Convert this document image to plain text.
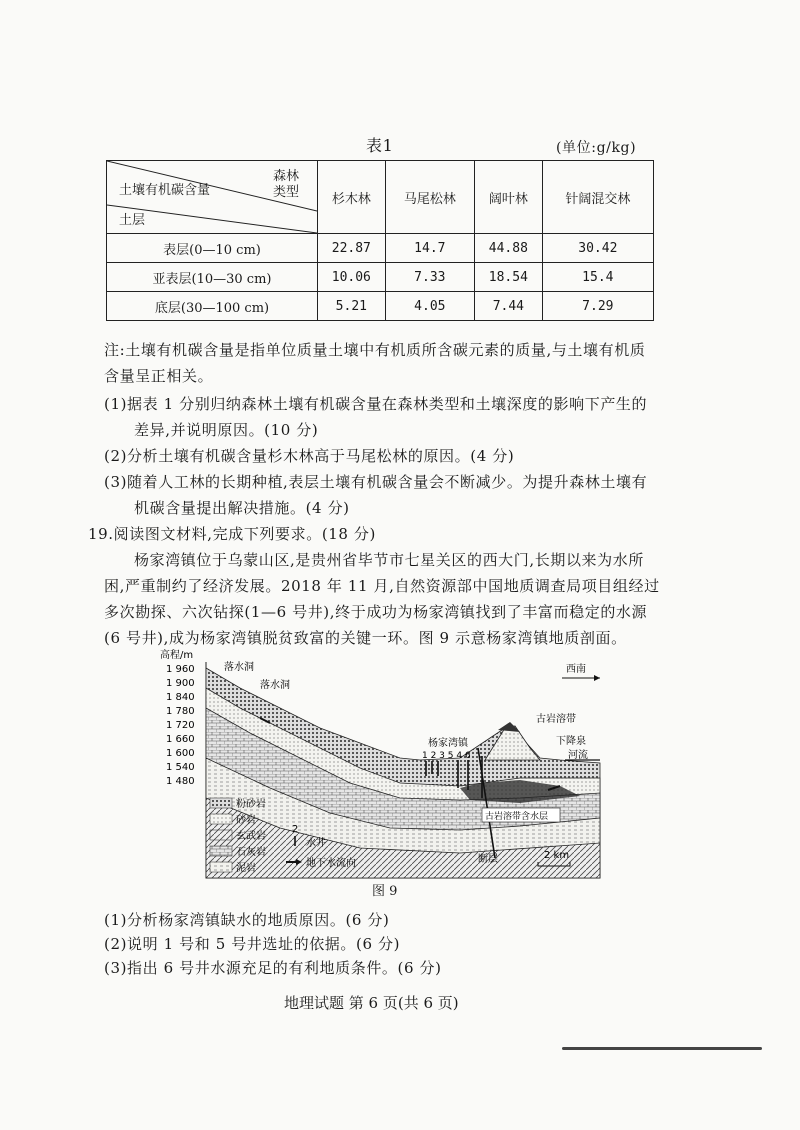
表1	(单位:g/kg)
森林
类型
土壤有机碳含量
土层	杉木林	马尾松林	阔叶林	针阔混交林
表层(0—10 cm)	22.87	14.7	44.88	30.42
亚表层(10—30 cm)	10.06	7.33	18.54	15.4
底层(30—100 cm)	5.21	4.05	7.44	7.29
注:土壤有机碳含量是指单位质量土壤中有机质所含碳元素的质量,与土壤有机质
含量呈正相关。
(1)据表 1 分别归纳森林土壤有机碳含量在森林类型和土壤深度的影响下产生的
差异,并说明原因。(10 分)
(2)分析土壤有机碳含量杉木林高于马尾松林的原因。(4 分)
(3)随着人工林的长期种植,表层土壤有机碳含量会不断减少。为提升森林土壤有
机碳含量提出解决措施。(4 分)
19.阅读图文材料,完成下列要求。(18 分)
杨家湾镇位于乌蒙山区,是贵州省毕节市七星关区的西大门,长期以来为水所
困,严重制约了经济发展。2018 年 11 月,自然资源部中国地质调查局项目组经过
多次勘探、六次钻探(1—6 号井),终于成功为杨家湾镇找到了丰富而稳定的水源
(6 号井),成为杨家湾镇脱贫致富的关键一环。图 9 示意杨家湾镇地质剖面。
高程/m
1 960
1 900
1 840
1 780
1 720
1 660
1 600
1 540
1 480
落水洞
落水洞
杨家湾镇
1 2 3 5 4 6
古岩溶带
下降泉
河流
古岩溶带含水层
断层
西南
2 km
粉砂岩
砂岩
玄武岩
石灰岩
泥岩
2
水井
地下水流向
图 9
(1)分析杨家湾镇缺水的地质原因。(6 分)
(2)说明 1 号和 5 号井选址的依据。(6 分)
(3)指出 6 号井水源充足的有利地质条件。(6 分)
地理试题 第 6 页(共 6 页)
